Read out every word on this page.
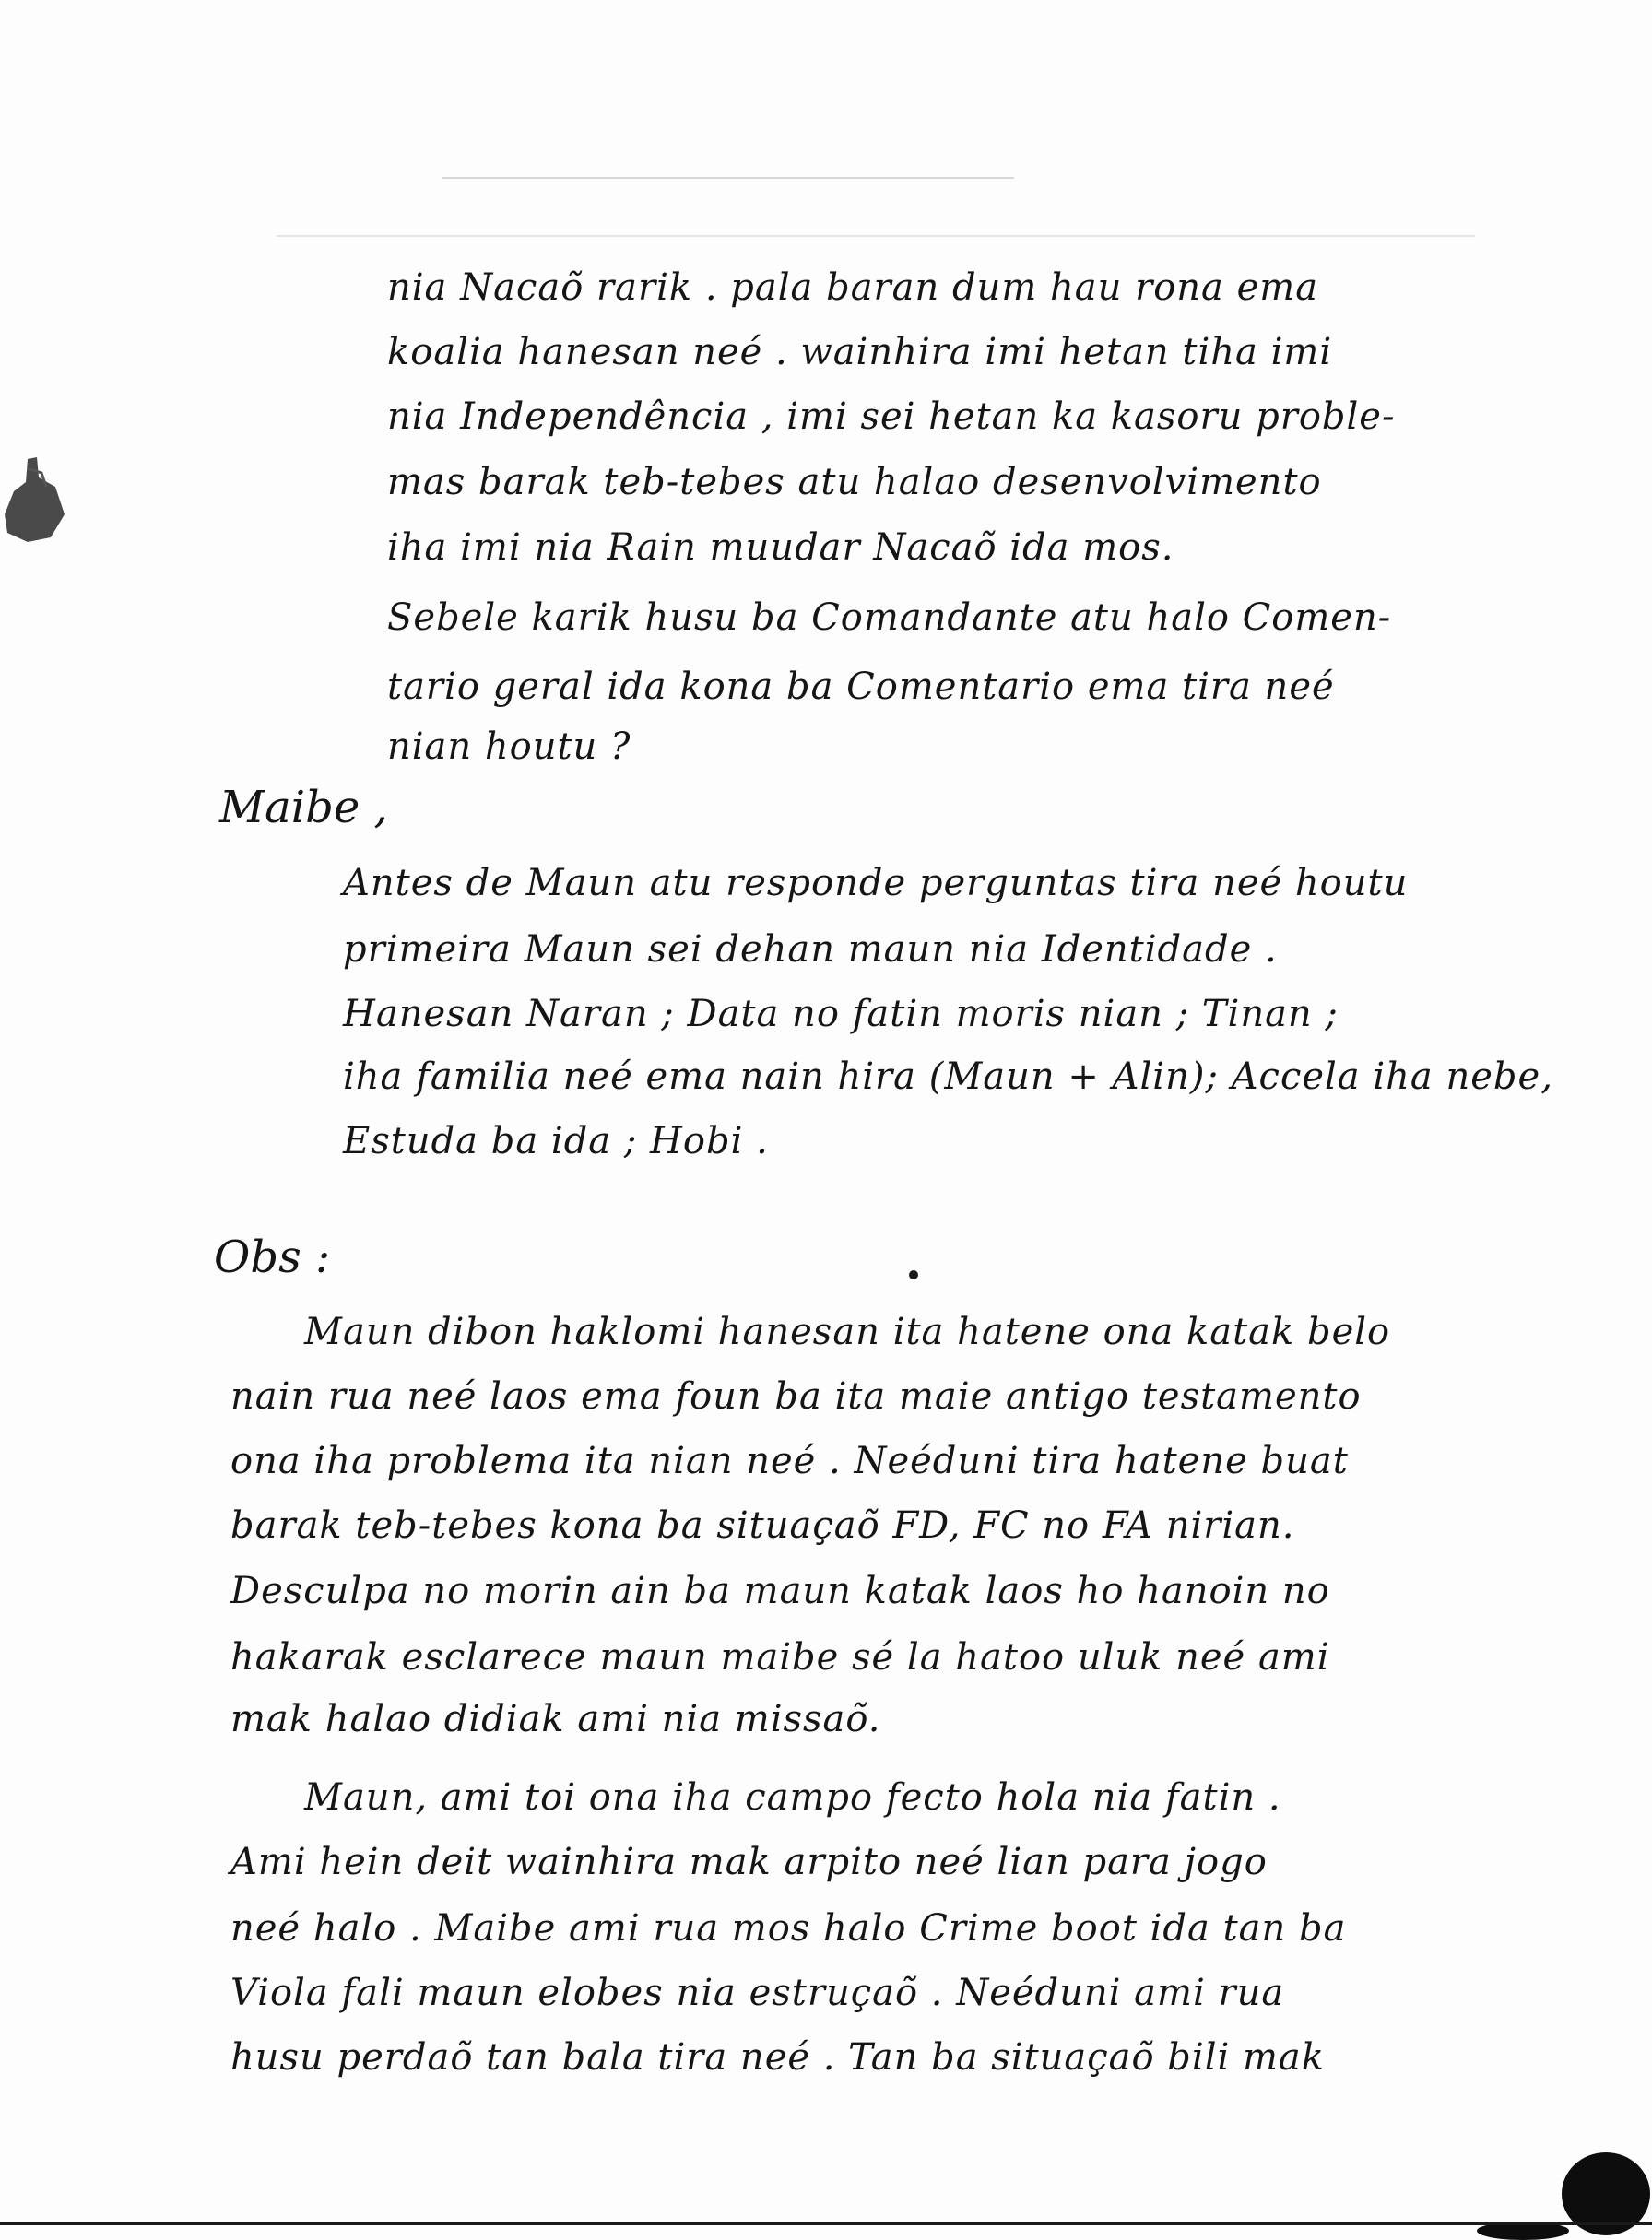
nia Nacaõ rarik . pala baran dum hau rona ema
koalia hanesan neé . wainhira imi hetan tiha imi
nia Independência , imi sei hetan ka kasoru proble-
mas barak teb-tebes atu halao desenvolvimento
iha imi nia Rain muudar Nacaõ ida mos.
Sebele karik husu ba Comandante atu halo Comen-
tario geral ida kona ba Comentario ema tira neé
nian houtu ?
Maibe ,
Antes de Maun atu responde perguntas tira neé houtu
primeira Maun sei dehan maun nia Identidade .
Hanesan Naran ; Data no fatin moris nian ; Tinan ;
iha familia neé ema nain hira (Maun + Alin); Accela iha nebe,
Estuda ba ida ; Hobi .
Obs :
Maun dibon haklomi hanesan ita hatene ona katak belo
nain rua neé laos ema foun ba ita maie antigo testamento
ona iha problema ita nian neé . Neéduni tira hatene buat
barak teb-tebes kona ba situaçaõ FD, FC no FA nirian.
Desculpa no morin ain ba maun katak laos ho hanoin no
hakarak esclarece maun maibe sé la hatoo uluk neé ami
mak halao didiak ami nia missaõ.
Maun, ami toi ona iha campo fecto hola nia fatin .
Ami hein deit wainhira mak arpito neé lian para jogo
neé halo . Maibe ami rua mos halo Crime boot ida tan ba
Viola fali maun elobes nia estruçaõ . Neéduni ami rua
husu perdaõ tan bala tira neé . Tan ba situaçaõ bili mak
